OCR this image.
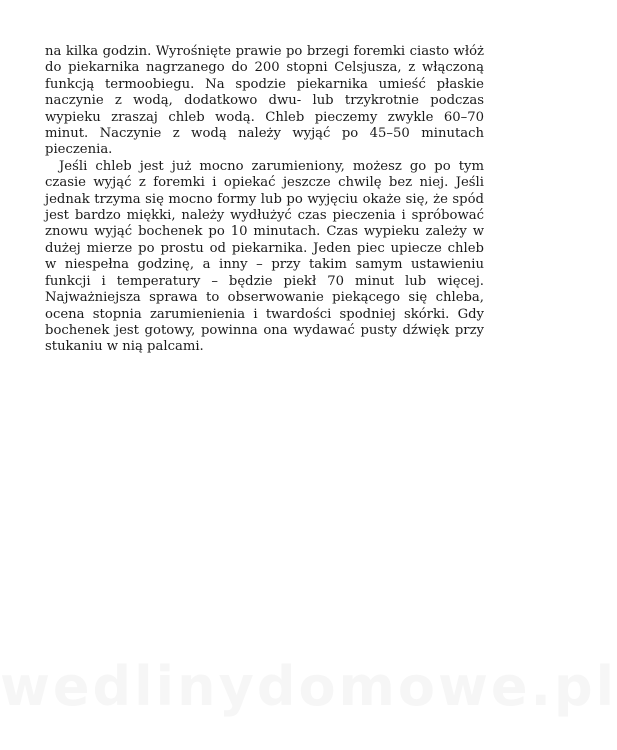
na kilka godzin. Wyrośnięte prawie po brzegi foremki ciasto włóż do piekarnika nagrzanego do 200 stopni Celsjusza, z włączoną funkcją termoobiegu. Na spodzie piekarnika umieść płaskie naczynie z wodą, dodatkowo dwu- lub trzykrotnie podczas wypieku zraszaj chleb wodą. Chleb pieczemy zwykle 60–70 minut. Naczynie z wodą należy wyjąć po 45–50 minutach pieczenia.

Jeśli chleb jest już mocno zarumieniony, możesz go po tym czasie wyjąć z foremki i opiekać jeszcze chwilę bez niej. Jeśli jednak trzyma się mocno formy lub po wyjęciu okaże się, że spód jest bardzo miękki, należy wydłużyć czas pieczenia i spróbować znowu wyjąć bochenek po 10 minutach. Czas wypieku zależy w dużej mierze po prostu od piekarnika. Jeden piec upiecze chleb w niespełna godzinę, a inny – przy takim samym ustawieniu funkcji i temperatury – będzie piekł 70 minut lub więcej. Najważniejsza sprawa to obserwowanie piekącego się chleba, ocena stopnia zarumienienia i twardości spodniej skórki. Gdy bochenek jest gotowy, powinna ona wydawać pusty dźwięk przy stukaniu w nią palcami.

wedlinydomowe.pl
